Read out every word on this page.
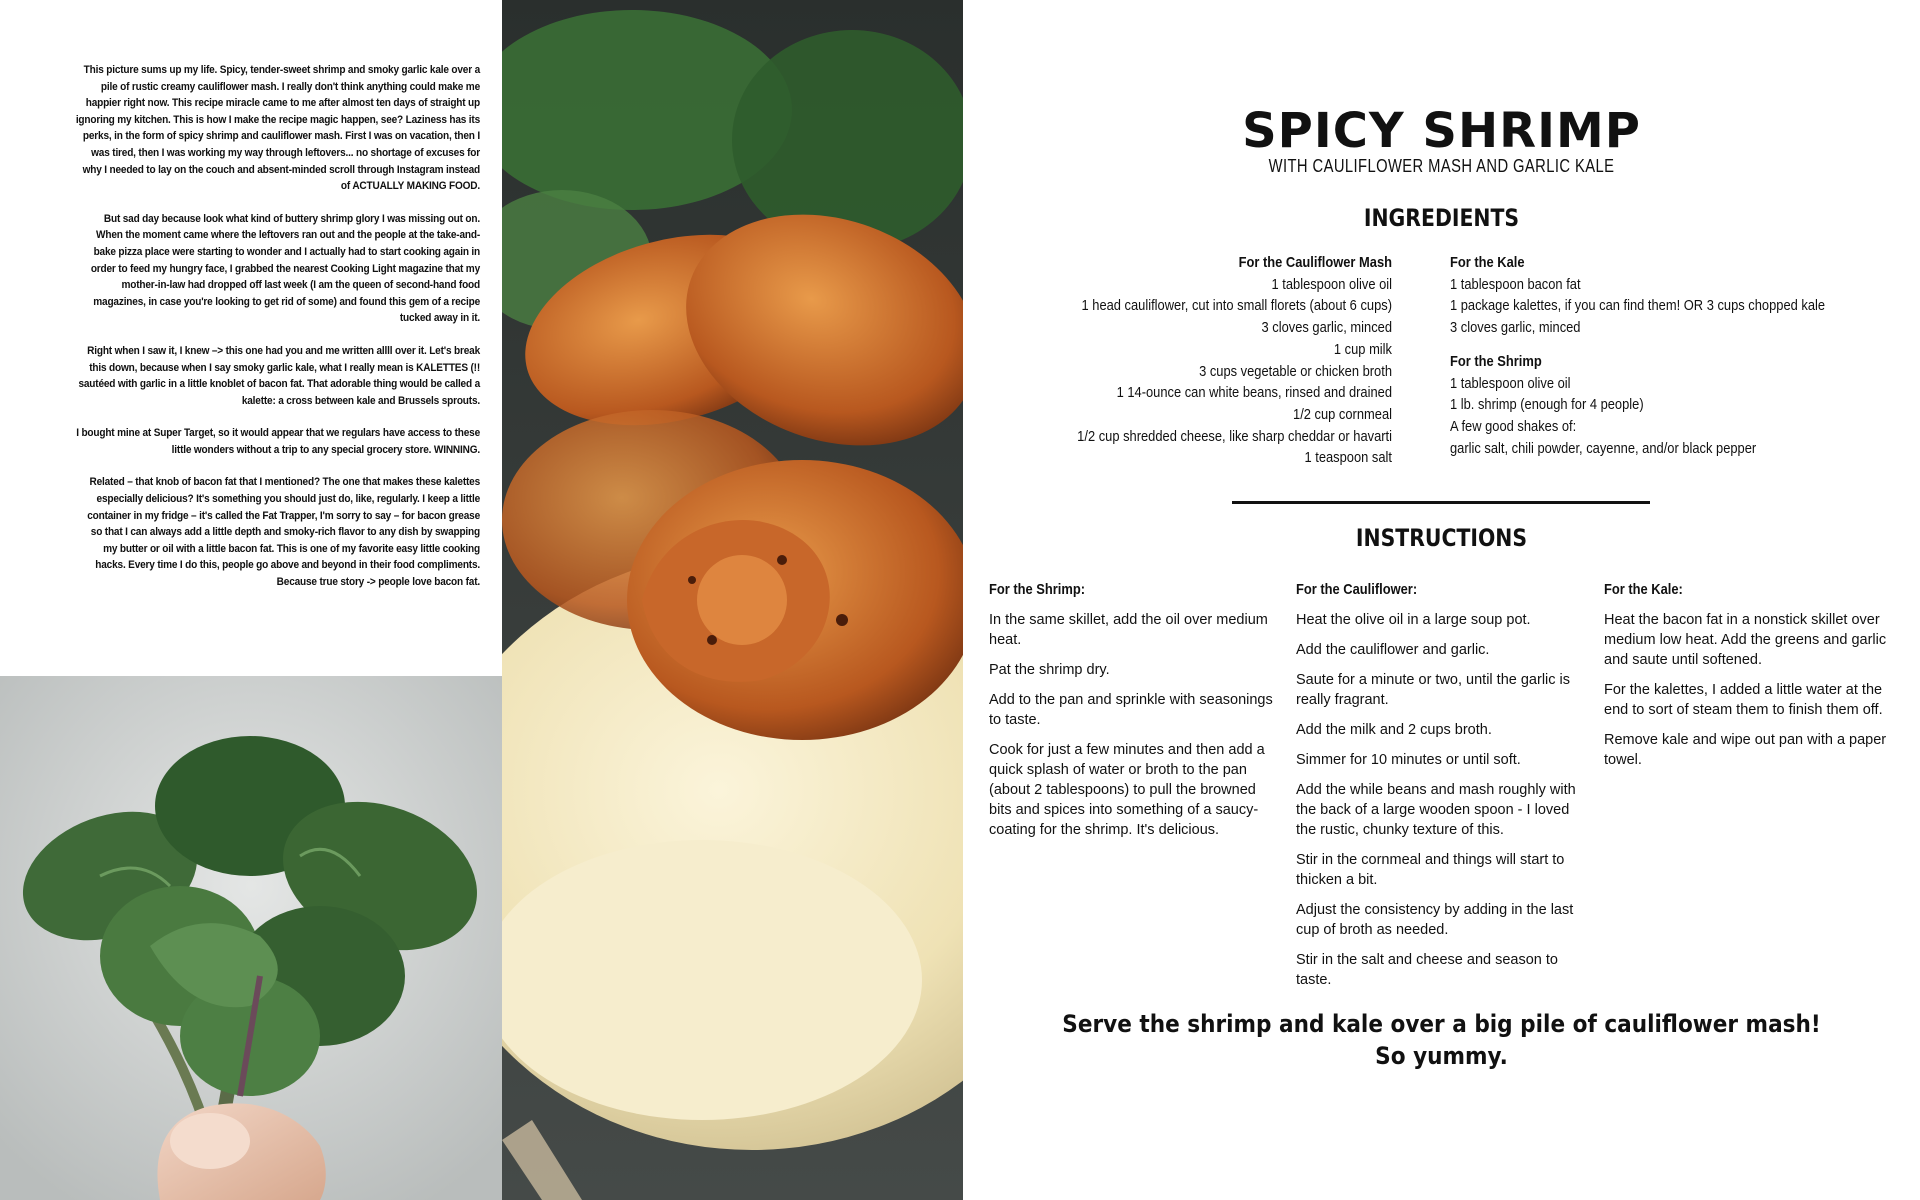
This picture sums up my life. Spicy, tender-sweet shrimp and smoky garlic kale over a pile of rustic creamy cauliflower mash. I really don't think anything could make me happier right now. This recipe miracle came to me after almost ten days of straight up ignoring my kitchen. This is how I make the recipe magic happen, see? Laziness has its perks, in the form of spicy shrimp and cauliflower mash. First I was on vacation, then I was tired, then I was working my way through leftovers... no shortage of excuses for why I needed to lay on the couch and absent-minded scroll through Instagram instead of ACTUALLY MAKING FOOD.

But sad day because look what kind of buttery shrimp glory I was missing out on. When the moment came where the leftovers ran out and the people at the take-and-bake pizza place were starting to wonder and I actually had to start cooking again in order to feed my hungry face, I grabbed the nearest Cooking Light magazine that my mother-in-law had dropped off last week (I am the queen of second-hand food magazines, in case you're looking to get rid of some) and found this gem of a recipe tucked away in it.

Right when I saw it, I knew –> this one had you and me written allll over it. Let's break this down, because when I say smoky garlic kale, what I really mean is KALETTES (!! sautéed with garlic in a little knoblet of bacon fat. That adorable thing would be called a kalette: a cross between kale and Brussels sprouts.

I bought mine at Super Target, so it would appear that we regulars have access to these little wonders without a trip to any special grocery store. WINNING.

Related – that knob of bacon fat that I mentioned? The one that makes these kalettes especially delicious? It's something you should just do, like, regularly. I keep a little container in my fridge – it's called the Fat Trapper, I'm sorry to say – for bacon grease so that I can always add a little depth and smoky-rich flavor to any dish by swapping my butter or oil with a little bacon fat. This is one of my favorite easy little cooking hacks. Every time I do this, people go above and beyond in their food compliments.
Because true story -> people love bacon fat.

SPICY SHRIMP
WITH CAULIFLOWER MASH AND GARLIC KALE
INGREDIENTS
For the Cauliflower Mash
1 tablespoon olive oil
1 head cauliflower, cut into small florets (about 6 cups)
3 cloves garlic, minced
1 cup milk
3 cups vegetable or chicken broth
1 14-ounce can white beans, rinsed and drained
1/2 cup cornmeal
1/2 cup shredded cheese, like sharp cheddar or havarti
1 teaspoon salt
For the Kale
1 tablespoon bacon fat
1 package kalettes, if you can find them! OR 3 cups chopped kale
3 cloves garlic, minced
For the Shrimp
1 tablespoon olive oil
1 lb. shrimp (enough for 4 people)
A few good shakes of:
garlic salt, chili powder, cayenne, and/or black pepper
INSTRUCTIONS
For the Shrimp:
In the same skillet, add the oil over medium heat.
Pat the shrimp dry.
Add to the pan and sprinkle with seasonings to taste.
Cook for just a few minutes and then add a quick splash of water or broth to the pan (about 2 tablespoons) to pull the browned bits and spices into something of a saucy-coating for the shrimp. It's delicious.
For the Cauliflower:
Heat the olive oil in a large soup pot.
Add the cauliflower and garlic.
Saute for a minute or two, until the garlic is really fragrant.
Add the milk and 2 cups broth.
Simmer for 10 minutes or until soft.
Add the while beans and mash roughly with the back of a large wooden spoon - I loved the rustic, chunky texture of this.
Stir in the cornmeal and things will start to thicken a bit.
Adjust the consistency by adding in the last cup of broth as needed.
Stir in the salt and cheese and season to taste.
For the Kale:
Heat the bacon fat in a nonstick skillet over medium low heat. Add the greens and garlic and saute until softened.
For the kalettes, I added a little water at the end to sort of steam them to finish them off.
Remove kale and wipe out pan with a paper towel.
Serve the shrimp and kale over a big pile of cauliflower mash!
So yummy.
